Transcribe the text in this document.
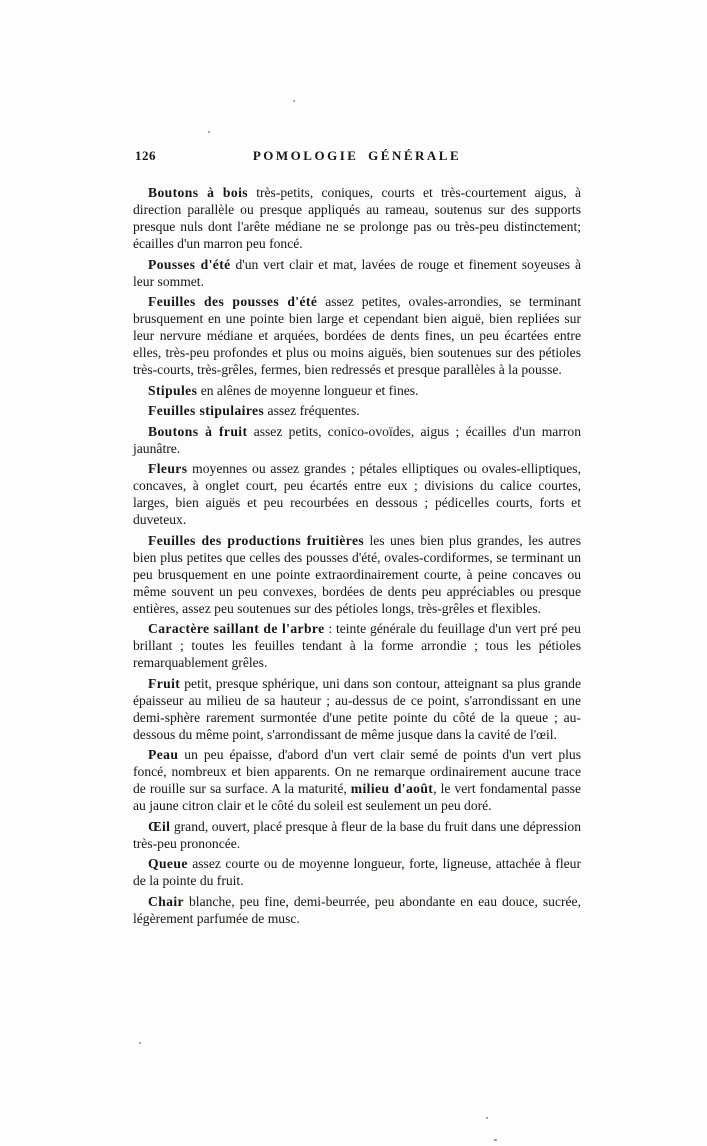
126	POMOLOGIE GÉNÉRALE

Boutons à bois très-petits, coniques, courts et très-courtement aigus, à direction parallèle ou presque appliqués au rameau, soutenus sur des supports presque nuls dont l'arête médiane ne se prolonge pas ou très-peu distinctement; écailles d'un marron peu foncé.

Pousses d'été d'un vert clair et mat, lavées de rouge et finement soyeuses à leur sommet.

Feuilles des pousses d'été assez petites, ovales-arrondies, se terminant brusquement en une pointe bien large et cependant bien aiguë, bien repliées sur leur nervure médiane et arquées, bordées de dents fines, un peu écartées entre elles, très-peu profondes et plus ou moins aiguës, bien soutenues sur des pétioles très-courts, très-grêles, fermes, bien redressés et presque parallèles à la pousse.

Stipules en alênes de moyenne longueur et fines.

Feuilles stipulaires assez fréquentes.

Boutons à fruit assez petits, conico-ovoïdes, aigus ; écailles d'un marron jaunâtre.

Fleurs moyennes ou assez grandes ; pétales elliptiques ou ovales-elliptiques, concaves, à onglet court, peu écartés entre eux ; divisions du calice courtes, larges, bien aiguës et peu recourbées en dessous ; pédicelles courts, forts et duveteux.

Feuilles des productions fruitières les unes bien plus grandes, les autres bien plus petites que celles des pousses d'été, ovales-cordiformes, se terminant un peu brusquement en une pointe extraordinairement courte, à peine concaves ou même souvent un peu convexes, bordées de dents peu appréciables ou presque entières, assez peu soutenues sur des pétioles longs, très-grêles et flexibles.

Caractère saillant de l'arbre : teinte générale du feuillage d'un vert pré peu brillant ; toutes les feuilles tendant à la forme arrondie ; tous les pétioles remarquablement grêles.

Fruit petit, presque sphérique, uni dans son contour, atteignant sa plus grande épaisseur au milieu de sa hauteur ; au-dessus de ce point, s'arrondissant en une demi-sphère rarement surmontée d'une petite pointe du côté de la queue ; au-dessous du même point, s'arrondissant de même jusque dans la cavité de l'œil.

Peau un peu épaisse, d'abord d'un vert clair semé de points d'un vert plus foncé, nombreux et bien apparents. On ne remarque ordinairement aucune trace de rouille sur sa surface. A la maturité, milieu d'août, le vert fondamental passe au jaune citron clair et le côté du soleil est seulement un peu doré.

Œil grand, ouvert, placé presque à fleur de la base du fruit dans une dépression très-peu prononcée.

Queue assez courte ou de moyenne longueur, forte, ligneuse, attachée à fleur de la pointe du fruit.

Chair blanche, peu fine, demi-beurrée, peu abondante en eau douce, sucrée, légèrement parfumée de musc.
